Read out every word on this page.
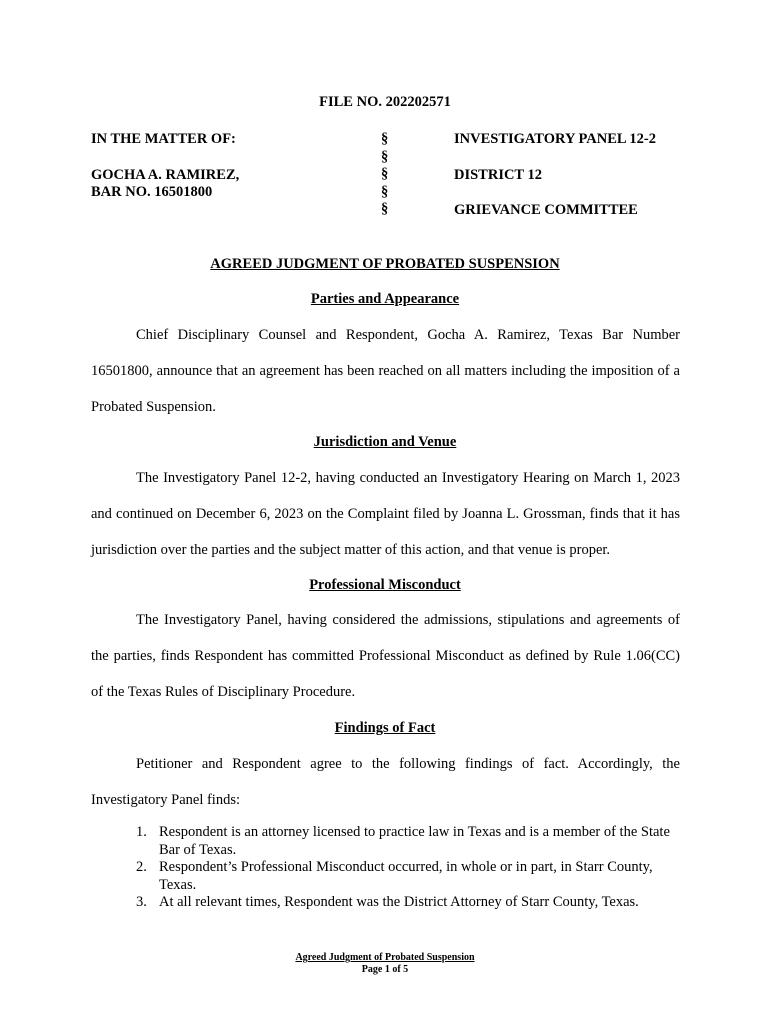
FILE NO. 202202571
IN THE MATTER OF:
GOCHA A. RAMIREZ,
BAR NO. 16501800
§
§
§
§
§
INVESTIGATORY PANEL 12-2
DISTRICT 12
GRIEVANCE COMMITTEE
AGREED JUDGMENT OF PROBATED SUSPENSION
Parties and Appearance
Chief Disciplinary Counsel and Respondent, Gocha A. Ramirez, Texas Bar Number
16501800, announce that an agreement has been reached on all matters including the imposition of a
Probated Suspension.
Jurisdiction and Venue
The Investigatory Panel 12-2, having conducted an Investigatory Hearing on March 1, 2023
and continued on December 6, 2023 on the Complaint filed by Joanna L. Grossman, finds that it has
jurisdiction over the parties and the subject matter of this action, and that venue is proper.
Professional Misconduct
The Investigatory Panel, having considered the admissions, stipulations and agreements of
the parties, finds Respondent has committed Professional Misconduct as defined by Rule 1.06(CC)
of the Texas Rules of Disciplinary Procedure.
Findings of Fact
Petitioner and Respondent agree to the following findings of fact. Accordingly, the
Investigatory Panel finds:
1. Respondent is an attorney licensed to practice law in Texas and is a member of the State Bar of Texas.
2. Respondent’s Professional Misconduct occurred, in whole or in part, in Starr County, Texas.
3. At all relevant times, Respondent was the District Attorney of Starr County, Texas.
Agreed Judgment of Probated Suspension
Page 1 of 5
